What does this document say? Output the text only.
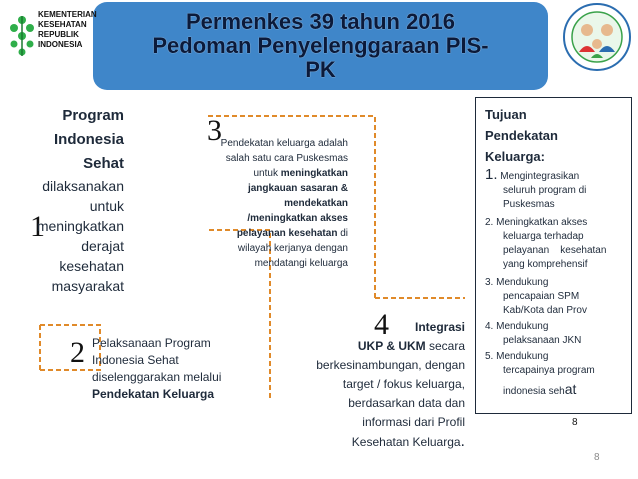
Permenkes 39 tahun 2016
Pedoman Penyelenggaraan PIS-
PK
KEMENTERIAN
KESEHATAN
REPUBLIK
INDONESIA
1
Program
Indonesia
Sehat
dilaksanakan
untuk
meningkatkan
derajat
kesehatan
masyarakat
3
Pendekatan keluarga adalah
salah satu cara Puskesmas
untuk meningkatkan
jangkauan sasaran &
mendekatkan
/meningkatkan akses
pelayanan kesehatan di
wilayah kerjanya dengan
mendatangi keluarga
2 Pelaksanaan Program
Indonesia Sehat
diselenggarakan melalui
Pendekatan Keluarga
4	Integrasi
UKP & UKM secara
berkesinambungan, dengan
target / fokus keluarga,
berdasarkan data dan
informasi dari Profil
Kesehatan Keluarga.
Tujuan
Pendekatan
Keluarga:
1. Mengintegrasikan
seluruh program di
Puskesmas
2. Meningkatkan akses
keluarga terhadap
pelayanan    kesehatan
yang komprehensif
3. Mendukung
pencapaian SPM
Kab/Kota dan Prov
4. Mendukung
pelaksanaan JKN
5. Mendukung
tercapainya program
indonesia sehat
8
8
